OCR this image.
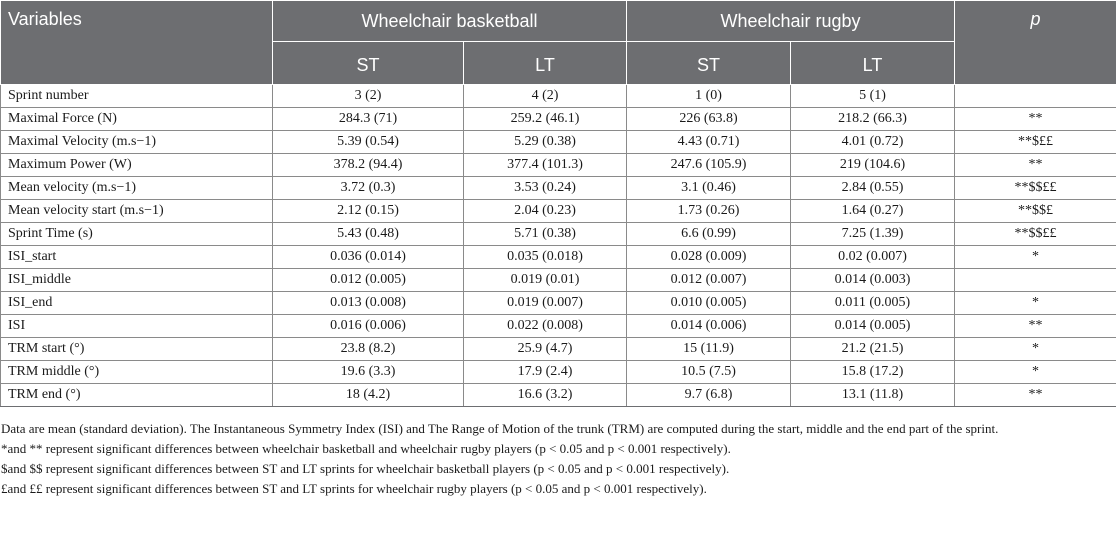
Variables	Wheelchair basketball		Wheelchair rugby		p
	ST	LT	ST	LT	
Sprint number	3 (2)	4 (2)	1 (0)	5 (1)	
Maximal Force (N)	284.3 (71)	259.2 (46.1)	226 (63.8)	218.2 (66.3)	**
Maximal Velocity (m.s−1)	5.39 (0.54)	5.29 (0.38)	4.43 (0.71)	4.01 (0.72)	**$££
Maximum Power (W)	378.2 (94.4)	377.4 (101.3)	247.6 (105.9)	219 (104.6)	**
Mean velocity (m.s−1)	3.72 (0.3)	3.53 (0.24)	3.1 (0.46)	2.84 (0.55)	**$$££
Mean velocity start (m.s−1)	2.12 (0.15)	2.04 (0.23)	1.73 (0.26)	1.64 (0.27)	**$$£
Sprint Time (s)	5.43 (0.48)	5.71 (0.38)	6.6 (0.99)	7.25 (1.39)	**$$££
ISI_start	0.036 (0.014)	0.035 (0.018)	0.028 (0.009)	0.02 (0.007)	*
ISI_middle	0.012 (0.005)	0.019 (0.01)	0.012 (0.007)	0.014 (0.003)	
ISI_end	0.013 (0.008)	0.019 (0.007)	0.010 (0.005)	0.011 (0.005)	*
ISI	0.016 (0.006)	0.022 (0.008)	0.014 (0.006)	0.014 (0.005)	**
TRM start (°)	23.8 (8.2)	25.9 (4.7)	15 (11.9)	21.2 (21.5)	*
TRM middle (°)	19.6 (3.3)	17.9 (2.4)	10.5 (7.5)	15.8 (17.2)	*
TRM end (°)	18 (4.2)	16.6 (3.2)	9.7 (6.8)	13.1 (11.8)	**

Data are mean (standard deviation). The Instantaneous Symmetry Index (ISI) and The Range of Motion of the trunk (TRM) are computed during the start, middle and the end part of the sprint.

*and ** represent significant differences between wheelchair basketball and wheelchair rugby players (p < 0.05 and p < 0.001 respectively).

$and $$ represent significant differences between ST and LT sprints for wheelchair basketball players (p < 0.05 and p < 0.001 respectively).

£and ££ represent significant differences between ST and LT sprints for wheelchair rugby players (p < 0.05 and p < 0.001 respectively).
